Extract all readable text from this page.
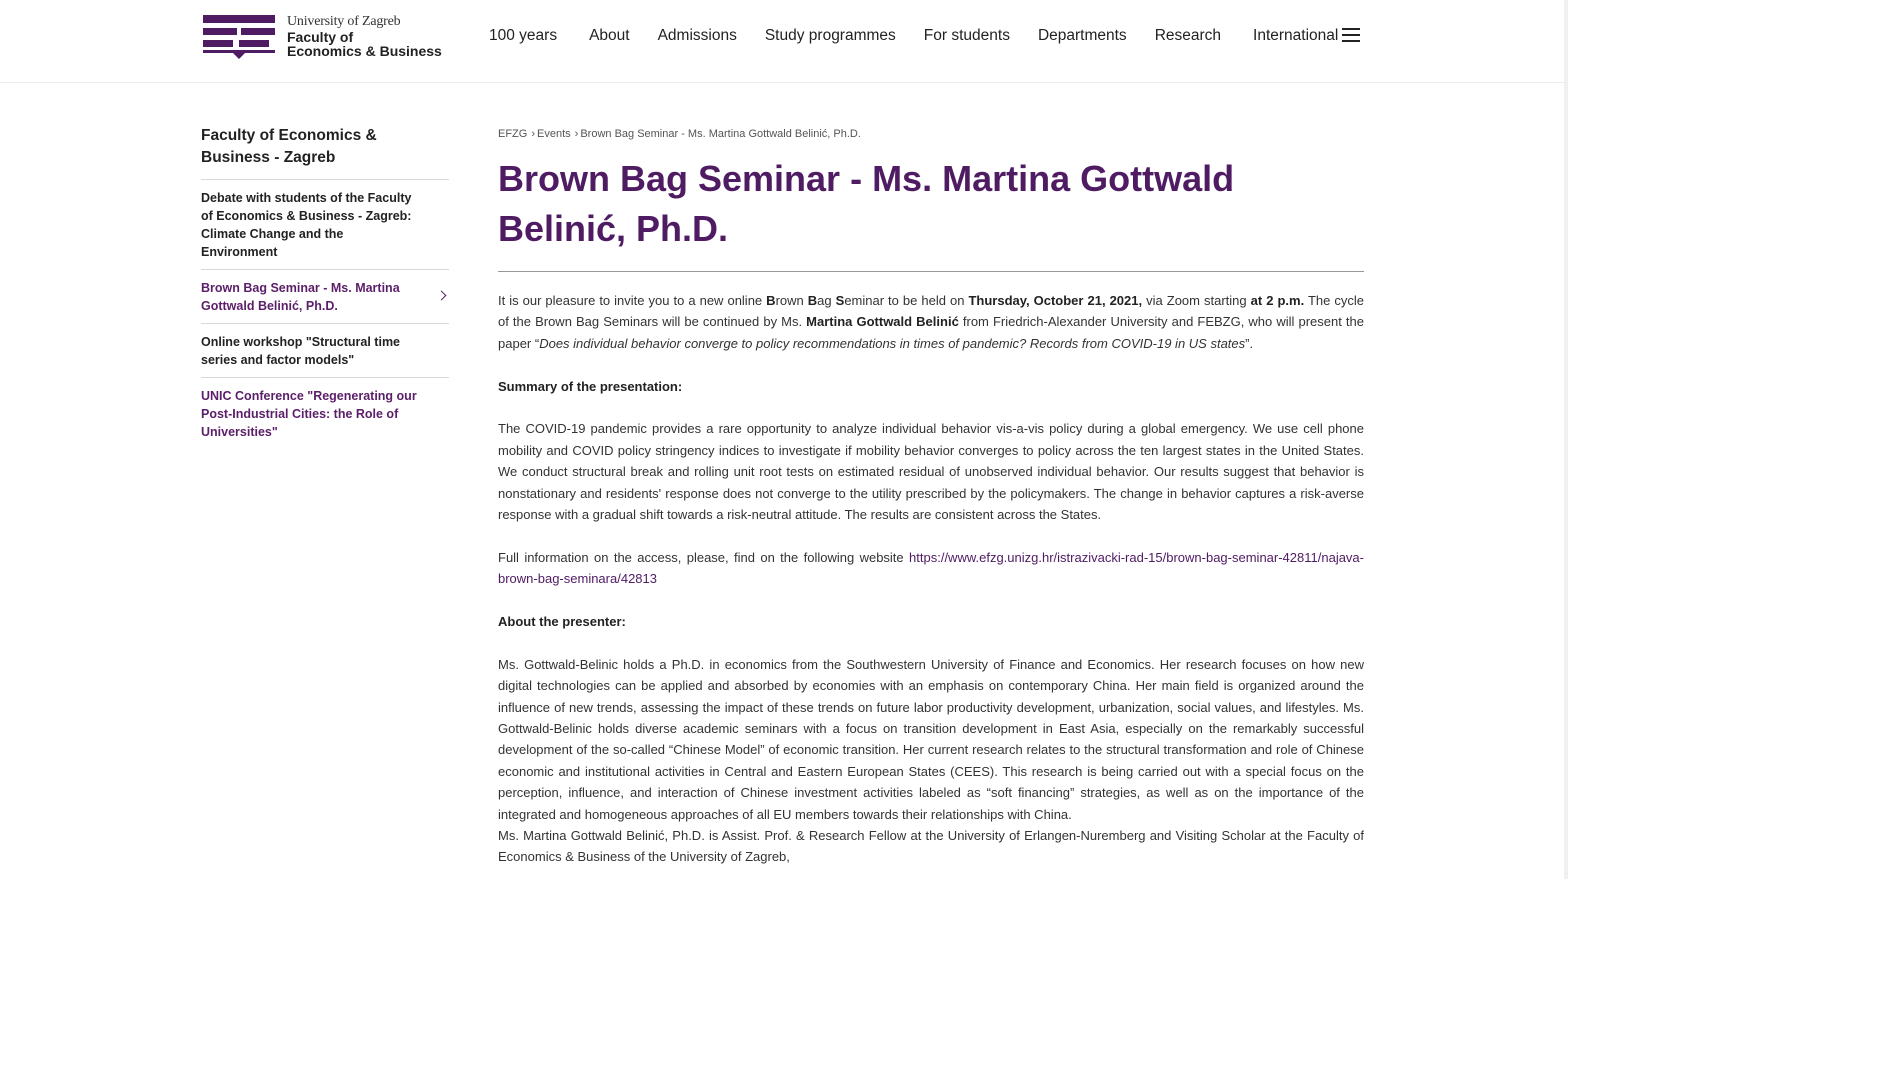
University of Zagreb
Faculty of
Economics & Business
100 years About Admissions Study programmes For students Departments Research International
Faculty of Economics & Business - Zagreb
Debate with students of the Faculty of Economics & Business - Zagreb: Climate Change and the Environment
Brown Bag Seminar - Ms. Martina Gottwald Belinić, Ph.D.
Online workshop "Structural time series and factor models"
UNIC Conference "Regenerating our Post-Industrial Cities: the Role of Universities"
EFZG › Events › Brown Bag Seminar - Ms. Martina Gottwald Belinić, Ph.D.
Brown Bag Seminar - Ms. Martina Gottwald Belinić, Ph.D.

It is our pleasure to invite you to a new online Brown Bag Seminar to be held on Thursday, October 21, 2021, via Zoom starting at 2 p.m. The cycle of the Brown Bag Seminars will be continued by Ms. Martina Gottwald Belinić from Friedrich-Alexander University and FEBZG, who will present the paper “Does individual behavior converge to policy recommendations in times of pandemic? Records from COVID-19 in US states”.

Summary of the presentation:

The COVID-19 pandemic provides a rare opportunity to analyze individual behavior vis-a-vis policy during a global emergency. We use cell phone mobility and COVID policy stringency indices to investigate if mobility behavior converges to policy across the ten largest states in the United States. We conduct structural break and rolling unit root tests on estimated residual of unobserved individual behavior. Our results suggest that behavior is nonstationary and residents' response does not converge to the utility prescribed by the policymakers. The change in behavior captures a risk-averse response with a gradual shift towards a risk-neutral attitude. The results are consistent across the States.

Full information on the access, please, find on the following website https://www.efzg.unizg.hr/istrazivacki-rad-15/brown-bag-seminar-42811/najava-brown-bag-seminara/42813

About the presenter:

Ms. Gottwald-Belinic holds a Ph.D. in economics from the Southwestern University of Finance and Economics. Her research focuses on how new digital technologies can be applied and absorbed by economies with an emphasis on contemporary China. Her main field is organized around the influence of new trends, assessing the impact of these trends on future labor productivity development, urbanization, social values, and lifestyles. Ms. Gottwald-Belinic holds diverse academic seminars with a focus on transition development in East Asia, especially on the remarkably successful development of the so-called “Chinese Model” of economic transition. Her current research relates to the structural transformation and role of Chinese economic and institutional activities in Central and Eastern European States (CEES). This research is being carried out with a special focus on the perception, influence, and interaction of Chinese investment activities labeled as “soft financing” strategies, as well as on the importance of the integrated and homogeneous approaches of all EU members towards their relationships with China.

Ms. Martina Gottwald Belinić, Ph.D. is Assist. Prof. & Research Fellow at the University of Erlangen-Nuremberg and Visiting Scholar at the Faculty of Economics & Business of the University of Zagreb,
